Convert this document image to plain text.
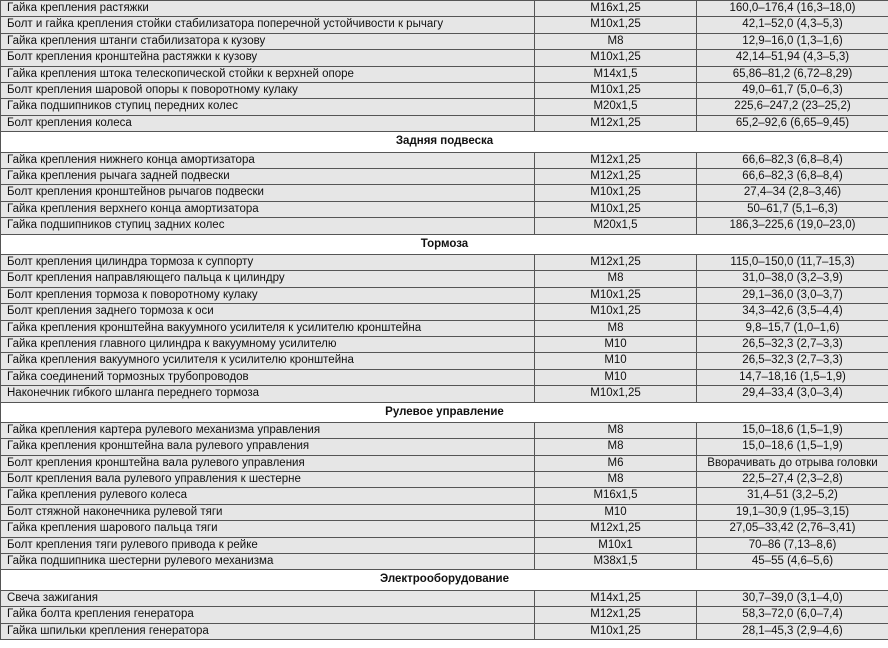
Гайка крепления растяжки	М16х1,25	160,0–176,4 (16,3–18,0)
Болт и гайка крепления стойки стабилизатора поперечной устойчивости к рычагу	М10х1,25	42,1–52,0 (4,3–5,3)
Гайка крепления штанги стабилизатора к кузову	М8	12,9–16,0 (1,3–1,6)
Болт крепления кронштейна растяжки к кузову	М10х1,25	42,14–51,94 (4,3–5,3)
Гайка крепления штока телескопической стойки к верхней опоре	М14х1,5	65,86–81,2 (6,72–8,29)
Болт крепления шаровой опоры к поворотному кулаку	М10х1,25	49,0–61,7 (5,0–6,3)
Гайка подшипников ступиц передних колес	М20х1,5	225,6–247,2 (23–25,2)
Болт крепления колеса	М12х1,25	65,2–92,6 (6,65–9,45)
Задняя подвеска		
Гайка крепления нижнего конца амортизатора	М12х1,25	66,6–82,3 (6,8–8,4)
Гайка крепления рычага задней подвески	М12х1,25	66,6–82,3 (6,8–8,4)
Болт крепления кронштейнов рычагов подвески	М10х1,25	27,4–34 (2,8–3,46)
Гайка крепления верхнего конца амортизатора	М10х1,25	50–61,7 (5,1–6,3)
Гайка подшипников ступиц задних колес	М20х1,5	186,3–225,6 (19,0–23,0)
Тормоза		
Болт крепления цилиндра тормоза к суппорту	М12х1,25	115,0–150,0 (11,7–15,3)
Болт крепления направляющего пальца к цилиндру	М8	31,0–38,0 (3,2–3,9)
Болт крепления тормоза к поворотному кулаку	М10х1,25	29,1–36,0 (3,0–3,7)
Болт крепления заднего тормоза к оси	М10х1,25	34,3–42,6 (3,5–4,4)
Гайка крепления кронштейна вакуумного усилителя к усилителю кронштейна	М8	9,8–15,7 (1,0–1,6)
Гайка крепления главного цилиндра к вакуумному усилителю	М10	26,5–32,3 (2,7–3,3)
Гайка крепления вакуумного усилителя к усилителю кронштейна	М10	26,5–32,3 (2,7–3,3)
Гайка соединений тормозных трубопроводов	М10	14,7–18,16 (1,5–1,9)
Наконечник гибкого шланга переднего тормоза	М10х1,25	29,4–33,4 (3,0–3,4)
Рулевое управление		
Гайка крепления картера рулевого механизма управления	М8	15,0–18,6 (1,5–1,9)
Гайка крепления кронштейна вала рулевого управления	М8	15,0–18,6 (1,5–1,9)
Болт крепления кронштейна вала рулевого управления	М6	Вворачивать до отрыва головки
Болт крепления вала рулевого управления к шестерне	М8	22,5–27,4 (2,3–2,8)
Гайка крепления рулевого колеса	М16х1,5	31,4–51 (3,2–5,2)
Болт стяжной наконечника рулевой тяги	М10	19,1–30,9 (1,95–3,15)
Гайка крепления шарового пальца тяги	М12х1,25	27,05–33,42 (2,76–3,41)
Болт крепления тяги рулевого привода к рейке	М10х1	70–86 (7,13–8,6)
Гайка подшипника шестерни рулевого механизма	М38х1,5	45–55 (4,6–5,6)
Электрооборудование		
Свеча зажигания	М14х1,25	30,7–39,0 (3,1–4,0)
Гайка болта крепления генератора	М12х1,25	58,3–72,0 (6,0–7,4)
Гайка шпильки крепления генератора	М10х1,25	28,1–45,3 (2,9–4,6)
